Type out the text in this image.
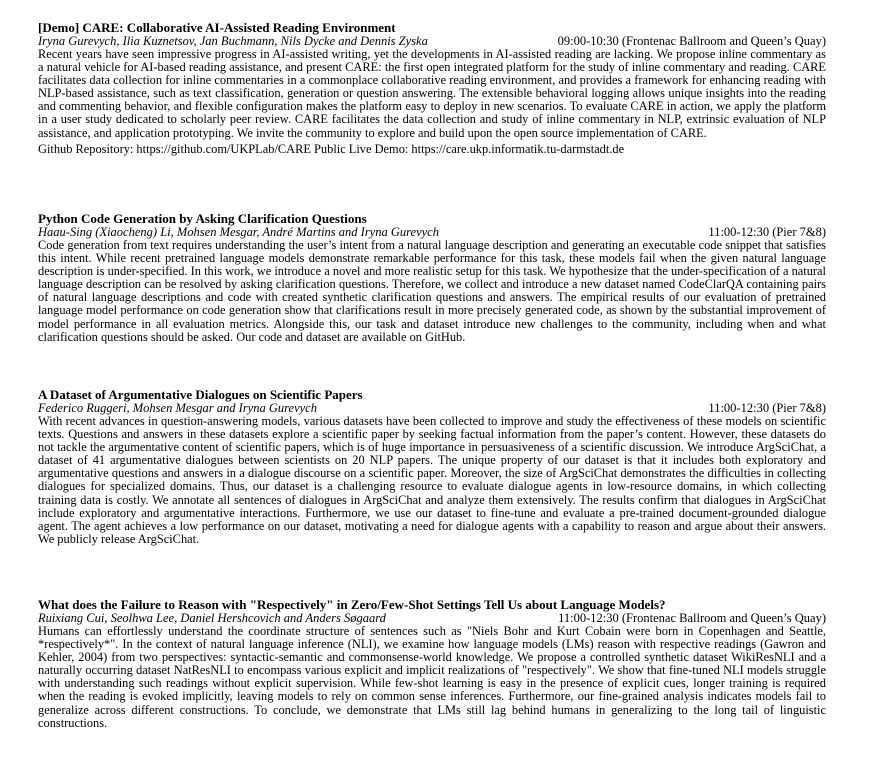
[Demo] CARE: Collaborative AI-Assisted Reading Environment
Iryna Gurevych, Ilia Kuznetsov, Jan Buchmann, Nils Dycke and Dennis Zyska	09:00-10:30 (Frontenac Ballroom and Queen’s Quay)

Recent years have seen impressive progress in AI-assisted writing, yet the developments in AI-assisted reading are lacking. We propose inline commentary as a natural vehicle for AI-based reading assistance, and present CARE: the first open integrated platform for the study of inline commentary and reading. CARE facilitates data collection for inline commentaries in a commonplace collaborative reading environment, and provides a framework for enhancing reading with NLP-based assistance, such as text classification, generation or question answering. The extensible behavioral logging allows unique insights into the reading and commenting behavior, and flexible configuration makes the platform easy to deploy in new scenarios. To evaluate CARE in action, we apply the platform in a user study dedicated to scholarly peer review. CARE facilitates the data collection and study of inline commentary in NLP, extrinsic evaluation of NLP assistance, and application prototyping. We invite the community to explore and build upon the open source implementation of CARE.

Github Repository: https://github.com/UKPLab/CARE Public Live Demo: https://care.ukp.informatik.tu-darmstadt.de
Python Code Generation by Asking Clarification Questions
Haau-Sing (Xiaocheng) Li, Mohsen Mesgar, André Martins and Iryna Gurevych	11:00-12:30 (Pier 7&8)

Code generation from text requires understanding the user’s intent from a natural language description and generating an executable code snippet that satisfies this intent. While recent pretrained language models demonstrate remarkable performance for this task, these models fail when the given natural language description is under-specified. In this work, we introduce a novel and more realistic setup for this task. We hypothesize that the under-specification of a natural language description can be resolved by asking clarification questions. Therefore, we collect and introduce a new dataset named CodeClarQA containing pairs of natural language descriptions and code with created synthetic clarification questions and answers. The empirical results of our evaluation of pretrained language model performance on code generation show that clarifications result in more precisely generated code, as shown by the substantial improvement of model performance in all evaluation metrics. Alongside this, our task and dataset introduce new challenges to the community, including when and what clarification questions should be asked. Our code and dataset are available on GitHub.

A Dataset of Argumentative Dialogues on Scientific Papers
Federico Ruggeri, Mohsen Mesgar and Iryna Gurevych	11:00-12:30 (Pier 7&8)

With recent advances in question-answering models, various datasets have been collected to improve and study the effectiveness of these models on scientific texts. Questions and answers in these datasets explore a scientific paper by seeking factual information from the paper’s content. However, these datasets do not tackle the argumentative content of scientific papers, which is of huge importance in persuasiveness of a scientific discussion. We introduce ArgSciChat, a dataset of 41 argumentative dialogues between scientists on 20 NLP papers. The unique property of our dataset is that it includes both exploratory and argumentative questions and answers in a dialogue discourse on a scientific paper. Moreover, the size of ArgSciChat demonstrates the difficulties in collecting dialogues for specialized domains. Thus, our dataset is a challenging resource to evaluate dialogue agents in low-resource domains, in which collecting training data is costly. We annotate all sentences of dialogues in ArgSciChat and analyze them extensively. The results confirm that dialogues in ArgSciChat include exploratory and argumentative interactions. Furthermore, we use our dataset to fine-tune and evaluate a pre-trained document-grounded dialogue agent. The agent achieves a low performance on our dataset, motivating a need for dialogue agents with a capability to reason and argue about their answers. We publicly release ArgSciChat.

What does the Failure to Reason with "Respectively" in Zero/Few-Shot Settings Tell Us about Language Models?
Ruixiang Cui, Seolhwa Lee, Daniel Hershcovich and Anders Søgaard	11:00-12:30 (Frontenac Ballroom and Queen’s Quay)

Humans can effortlessly understand the coordinate structure of sentences such as "Niels Bohr and Kurt Cobain were born in Copenhagen and Seattle, *respectively*". In the context of natural language inference (NLI), we examine how language models (LMs) reason with respective readings (Gawron and Kehler, 2004) from two perspectives: syntactic-semantic and commonsense-world knowledge. We propose a controlled synthetic dataset WikiResNLI and a naturally occurring dataset NatResNLI to encompass various explicit and implicit realizations of "respectively". We show that fine-tuned NLI models struggle with understanding such readings without explicit supervision. While few-shot learning is easy in the presence of explicit cues, longer training is required when the reading is evoked implicitly, leaving models to rely on common sense inferences. Furthermore, our fine-grained analysis indicates models fail to generalize across different constructions. To conclude, we demonstrate that LMs still lag behind humans in generalizing to the long tail of linguistic constructions.
